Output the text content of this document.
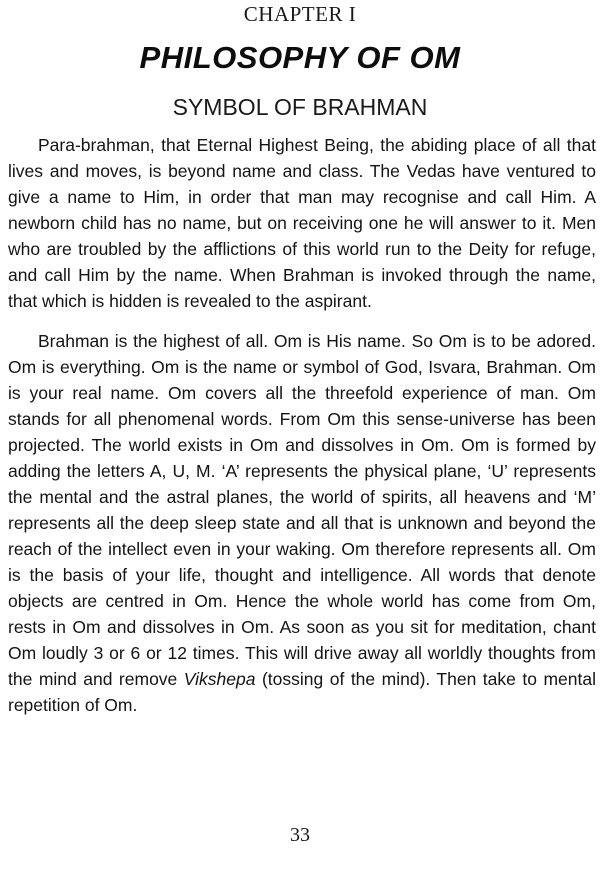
CHAPTER I
PHILOSOPHY OF OM
SYMBOL OF BRAHMAN

Para-brahman, that Eternal Highest Being, the abiding place of all that lives and moves, is beyond name and class. The Vedas have ventured to give a name to Him, in order that man may recognise and call Him. A newborn child has no name, but on receiving one he will answer to it. Men who are troubled by the afflictions of this world run to the Deity for refuge, and call Him by the name. When Brahman is invoked through the name, that which is hidden is revealed to the aspirant.

Brahman is the highest of all. Om is His name. So Om is to be adored. Om is everything. Om is the name or symbol of God, Isvara, Brahman. Om is your real name. Om covers all the threefold experience of man. Om stands for all phenomenal words. From Om this sense-universe has been projected. The world exists in Om and dissolves in Om. Om is formed by adding the letters A, U, M. ‘A’ represents the physical plane, ‘U’ represents the mental and the astral planes, the world of spirits, all heavens and ‘M’ represents all the deep sleep state and all that is unknown and beyond the reach of the intellect even in your waking. Om therefore represents all. Om is the basis of your life, thought and intelligence. All words that denote objects are centred in Om. Hence the whole world has come from Om, rests in Om and dissolves in Om. As soon as you sit for meditation, chant Om loudly 3 or 6 or 12 times. This will drive away all worldly thoughts from the mind and remove Vikshepa (tossing of the mind). Then take to mental repetition of Om.

33
